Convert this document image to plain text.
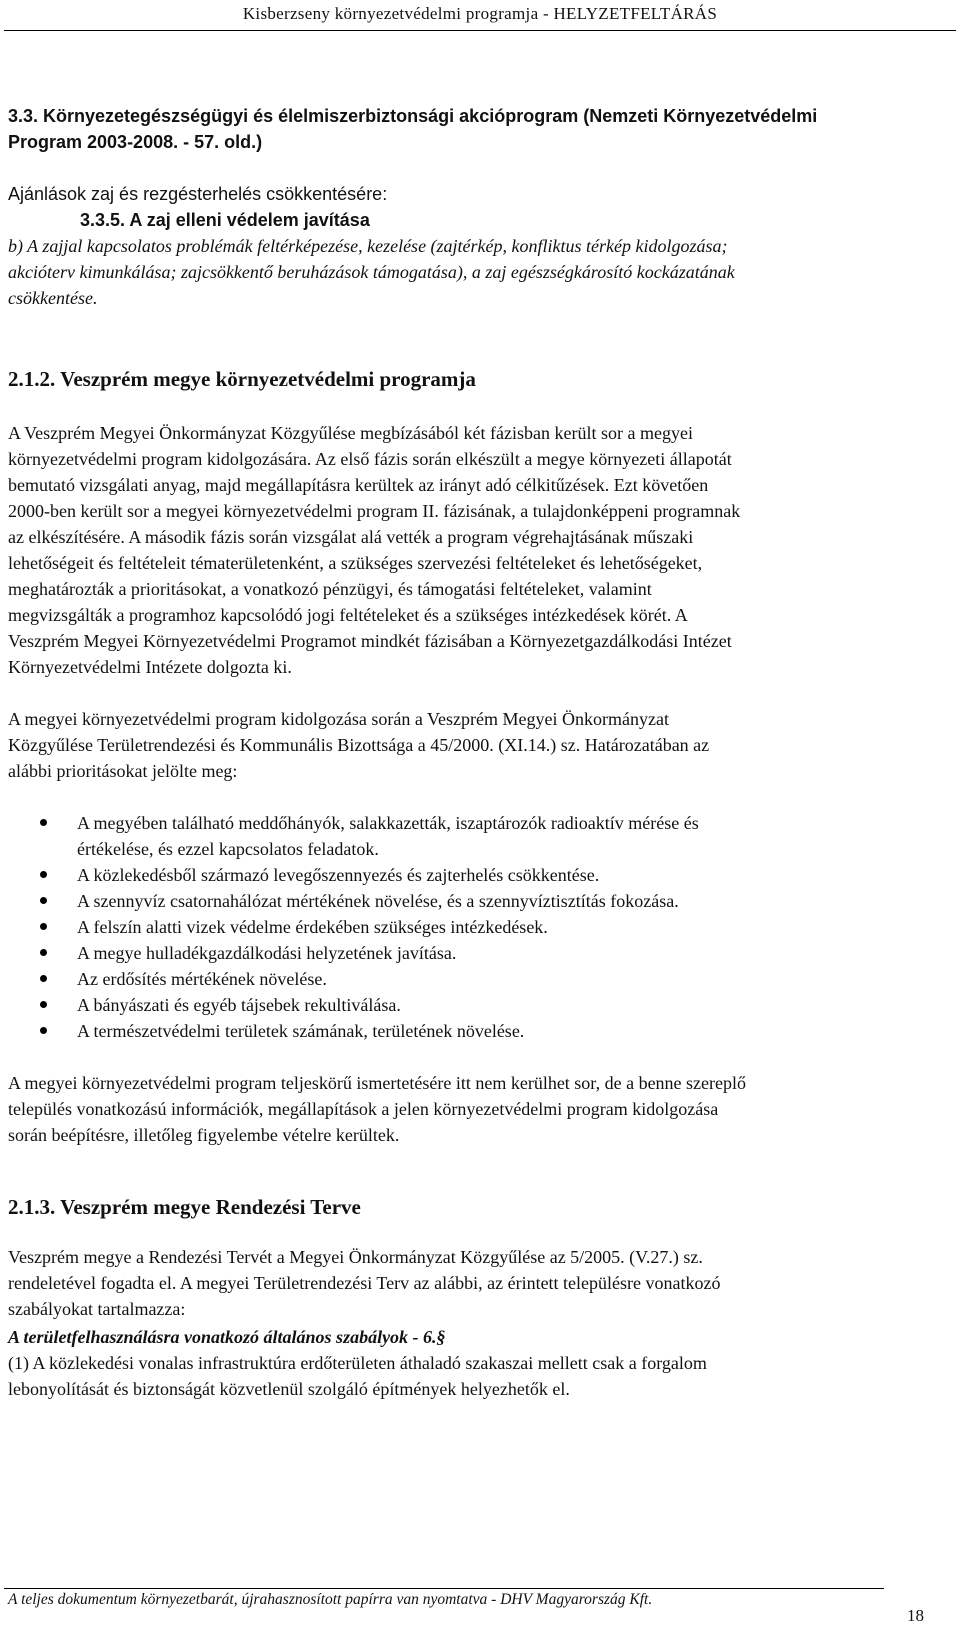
Kisberzseny környezetvédelmi programja - HELYZETFELTÁRÁS
3.3. Környezetegészségügyi és élelmiszerbiztonsági akcióprogram (Nemzeti Környezetvédelmi
Program 2003-2008. - 57. old.)
Ajánlások zaj és rezgésterhelés csökkentésére:
3.3.5. A zaj elleni védelem javítása
b) A zajjal kapcsolatos problémák feltérképezése, kezelése (zajtérkép, konfliktus térkép kidolgozása;
akcióterv kimunkálása; zajcsökkentő beruházások támogatása), a zaj egészségkárosító kockázatának
csökkentése.
2.1.2. Veszprém megye környezetvédelmi programja
A Veszprém Megyei Önkormányzat Közgyűlése megbízásából két fázisban került sor a megyei
környezetvédelmi program kidolgozására. Az első fázis során elkészült a megye környezeti állapotát
bemutató vizsgálati anyag, majd megállapításra kerültek az irányt adó célkitűzések. Ezt követően
2000-ben került sor a megyei környezetvédelmi program II. fázisának, a tulajdonképpeni programnak
az elkészítésére. A második fázis során vizsgálat alá vették a program végrehajtásának műszaki
lehetőségeit és feltételeit tématerületenként, a szükséges szervezési feltételeket és lehetőségeket,
meghatározták a prioritásokat, a vonatkozó pénzügyi, és támogatási feltételeket, valamint
megvizsgálták a programhoz kapcsolódó jogi feltételeket és a szükséges intézkedések körét. A
Veszprém Megyei Környezetvédelmi Programot mindkét fázisában a Környezetgazdálkodási Intézet
Környezetvédelmi Intézete dolgozta ki.
A megyei környezetvédelmi program kidolgozása során a Veszprém Megyei Önkormányzat
Közgyűlése Területrendezési és Kommunális Bizottsága a 45/2000. (XI.14.) sz. Határozatában az
alábbi prioritásokat jelölte meg:
A megyében található meddőhányók, salakkazetták, iszaptározók radioaktív mérése és
értékelése, és ezzel kapcsolatos feladatok.
A közlekedésből származó levegőszennyezés és zajterhelés csökkentése.
A szennyvíz csatornahálózat mértékének növelése, és a szennyvíztisztítás fokozása.
A felszín alatti vizek védelme érdekében szükséges intézkedések.
A megye hulladékgazdálkodási helyzetének javítása.
Az erdősítés mértékének növelése.
A bányászati és egyéb tájsebek rekultiválása.
A természetvédelmi területek számának, területének növelése.
A megyei környezetvédelmi program teljeskörű ismertetésére itt nem kerülhet sor, de a benne szereplő
település vonatkozású információk, megállapítások a jelen környezetvédelmi program kidolgozása
során beépítésre, illetőleg figyelembe vételre kerültek.
2.1.3. Veszprém megye Rendezési Terve
Veszprém megye a Rendezési Tervét a Megyei Önkormányzat Közgyűlése az 5/2005. (V.27.) sz.
rendeletével fogadta el. A megyei Területrendezési Terv az alábbi, az érintett településre vonatkozó
szabályokat tartalmazza:
A területfelhasználásra vonatkozó általános szabályok - 6.§
(1) A közlekedési vonalas infrastruktúra erdőterületen áthaladó szakaszai mellett csak a forgalom
lebonyolítását és biztonságát közvetlenül szolgáló építmények helyezhetők el.
A teljes dokumentum környezetbarát, újrahasznosított papírra van nyomtatva - DHV Magyarország Kft.
18
